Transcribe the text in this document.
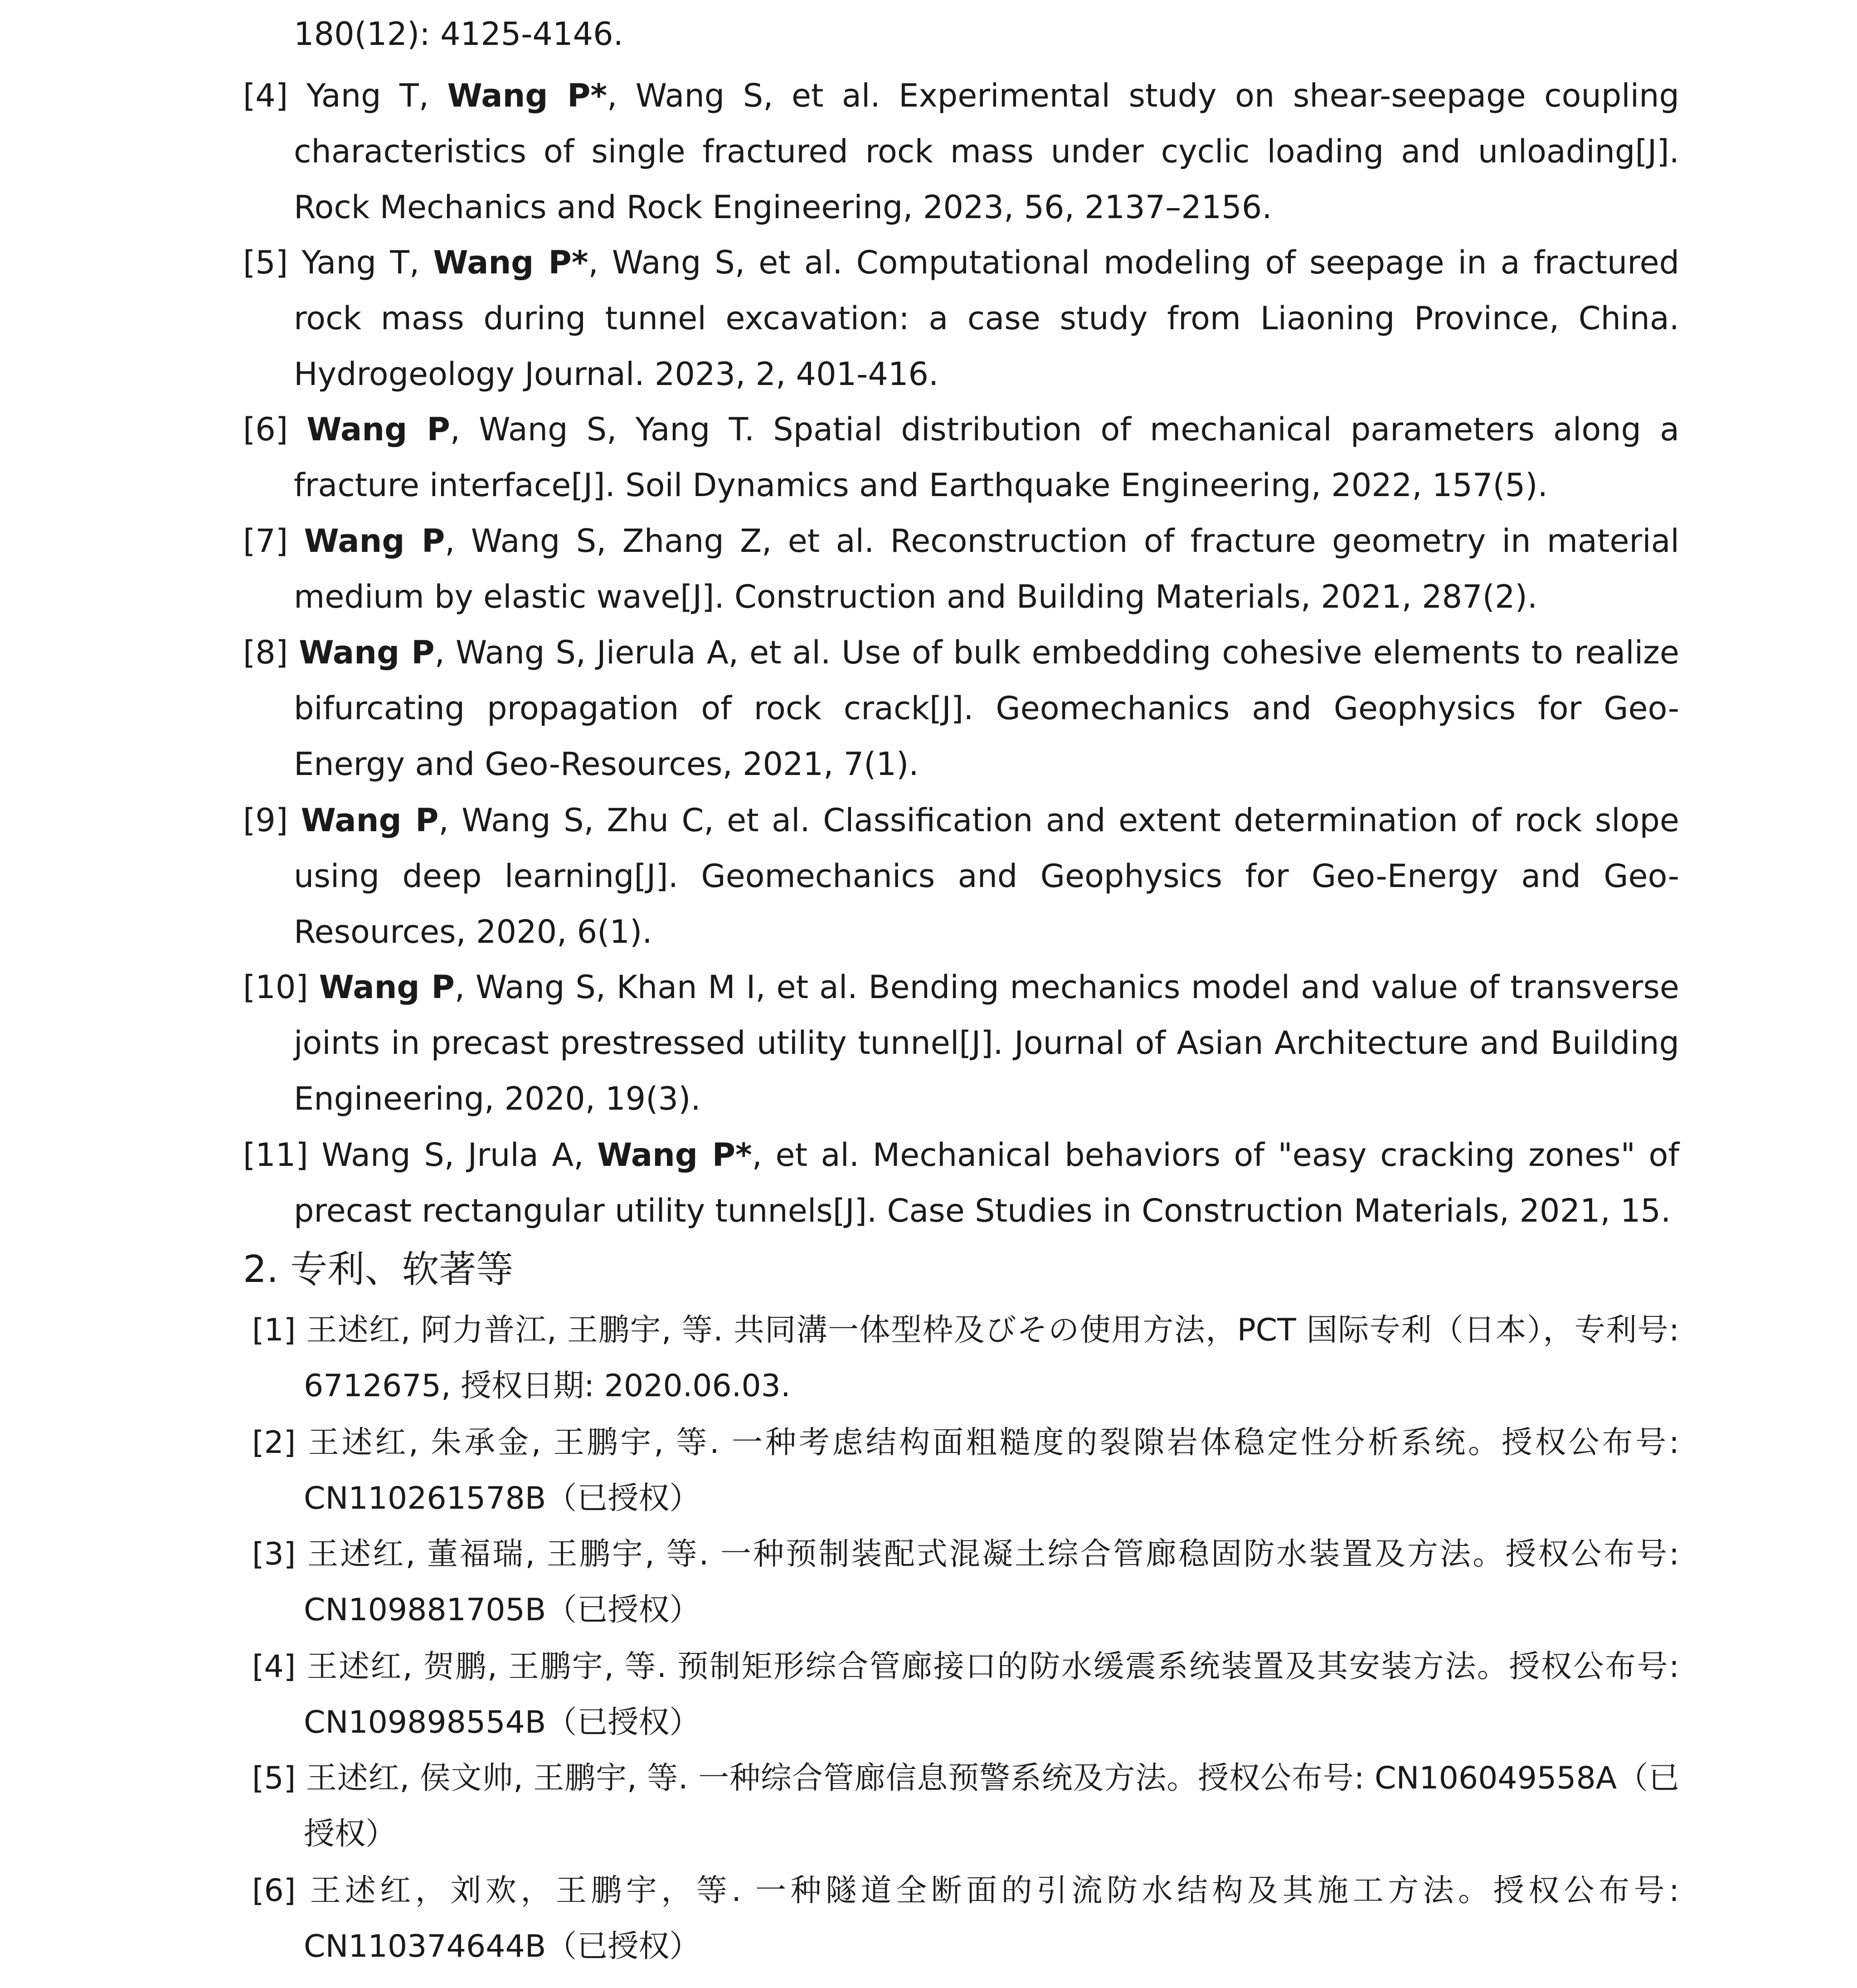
180(12): 4125-4146.
[4] Yang T, Wang P*, Wang S, et al. Experimental study on shear-seepage coupling characteristics of single fractured rock mass under cyclic loading and unloading[J]. Rock Mechanics and Rock Engineering, 2023, 56, 2137–2156.
[5] Yang T, Wang P*, Wang S, et al. Computational modeling of seepage in a fractured rock mass during tunnel excavation: a case study from Liaoning Province, China. Hydrogeology Journal. 2023, 2, 401-416.
[6] Wang P, Wang S, Yang T. Spatial distribution of mechanical parameters along a fracture interface[J]. Soil Dynamics and Earthquake Engineering, 2022, 157(5).
[7] Wang P, Wang S, Zhang Z, et al. Reconstruction of fracture geometry in material medium by elastic wave[J]. Construction and Building Materials, 2021, 287(2).
[8] Wang P, Wang S, Jierula A, et al. Use of bulk embedding cohesive elements to realize bifurcating propagation of rock crack[J]. Geomechanics and Geophysics for Geo-Energy and Geo-Resources, 2021, 7(1).
[9] Wang P, Wang S, Zhu C, et al. Classification and extent determination of rock slope using deep learning[J]. Geomechanics and Geophysics for Geo-Energy and Geo-Resources, 2020, 6(1).
[10] Wang P, Wang S, Khan M I, et al. Bending mechanics model and value of transverse joints in precast prestressed utility tunnel[J]. Journal of Asian Architecture and Building Engineering, 2020, 19(3).
[11] Wang S, Jrula A, Wang P*, et al. Mechanical behaviors of "easy cracking zones" of precast rectangular utility tunnels[J]. Case Studies in Construction Materials, 2021, 15.
2. 专利、软著等
[1] 王述红, 阿力普江, 王鹏宇, 等. 共同溝一体型枠及びその使用方法，PCT 国际专利（日本），专利号: 6712675, 授权日期: 2020.06.03.
[2] 王述红, 朱承金, 王鹏宇, 等. 一种考虑结构面粗糙度的裂隙岩体稳定性分析系统。授权公布号: CN110261578B（已授权）
[3] 王述红, 董福瑞, 王鹏宇, 等. 一种预制装配式混凝土综合管廊稳固防水装置及方法。授权公布号: CN109881705B（已授权）
[4] 王述红, 贺鹏, 王鹏宇, 等. 预制矩形综合管廊接口的防水缓震系统装置及其安装方法。授权公布号: CN109898554B（已授权）
[5] 王述红, 侯文帅, 王鹏宇, 等. 一种综合管廊信息预警系统及方法。授权公布号: CN106049558A（已授权）
[6] 王述红，刘欢，王鹏宇，等. 一种隧道全断面的引流防水结构及其施工方法。授权公布号: CN110374644B（已授权）
